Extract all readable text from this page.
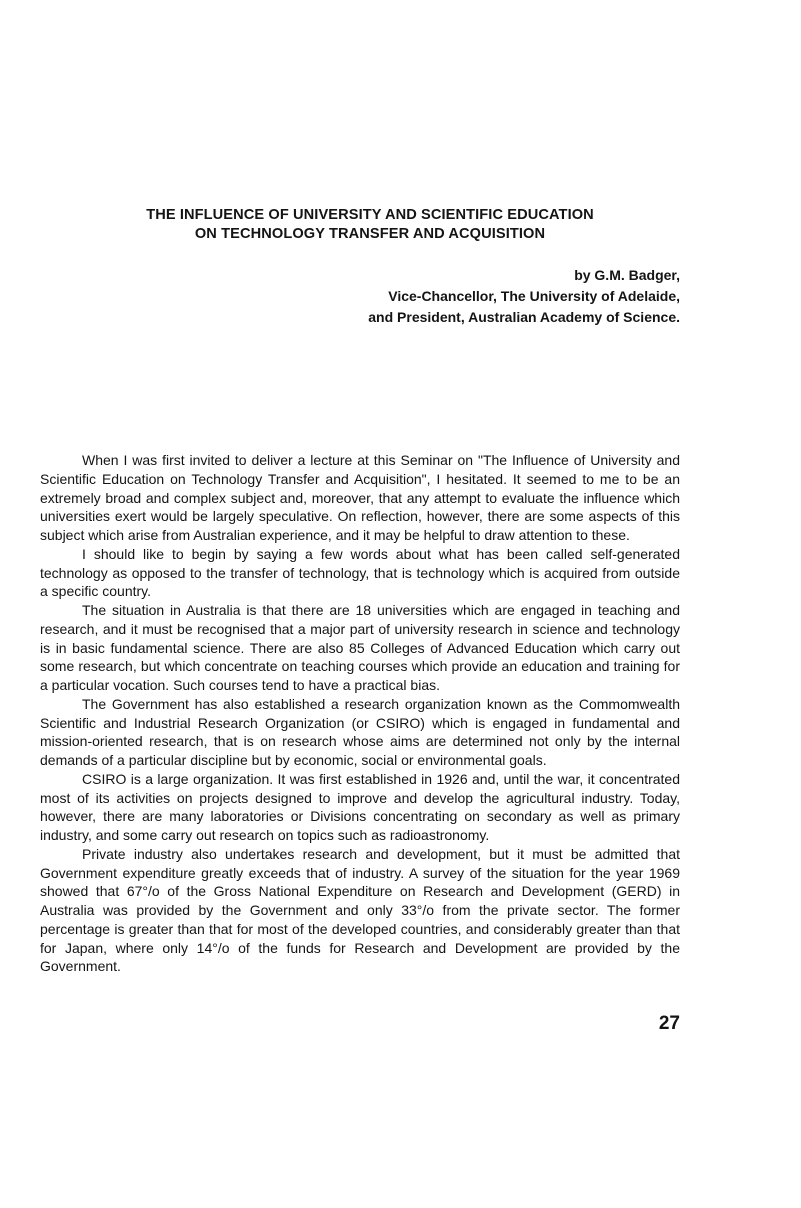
THE INFLUENCE OF UNIVERSITY AND SCIENTIFIC EDUCATION
ON TECHNOLOGY TRANSFER AND ACQUISITION
by G.M. Badger,
Vice-Chancellor, The University of Adelaide,
and President, Australian Academy of Science.

When I was first invited to deliver a lecture at this Seminar on "The Influence of University and Scientific Education on Technology Transfer and Acquisition", I hesitated. It seemed to me to be an extremely broad and complex subject and, moreover, that any attempt to evaluate the influence which universities exert would be largely speculative. On reflection, however, there are some aspects of this subject which arise from Australian experience, and it may be helpful to draw attention to these.

I should like to begin by saying a few words about what has been called self-generated technology as opposed to the transfer of technology, that is technology which is acquired from outside a specific country.

The situation in Australia is that there are 18 universities which are engaged in teaching and research, and it must be recognised that a major part of university research in science and technology is in basic fundamental science. There are also 85 Colleges of Advanced Education which carry out some research, but which concentrate on teaching courses which provide an education and training for a particular vocation. Such courses tend to have a practical bias.

The Government has also established a research organization known as the Commomwealth Scientific and Industrial Research Organization (or CSIRO) which is engaged in fundamental and mission-oriented research, that is on research whose aims are determined not only by the internal demands of a particular discipline but by economic, social or environmental goals.

CSIRO is a large organization. It was first established in 1926 and, until the war, it concentrated most of its activities on projects designed to improve and develop the agricultural industry. Today, however, there are many laboratories or Divisions concentrating on secondary as well as primary industry, and some carry out research on topics such as radioastronomy.

Private industry also undertakes research and development, but it must be admitted that Government expenditure greatly exceeds that of industry. A survey of the situation for the year 1969 showed that 67°/o of the Gross National Expenditure on Research and Development (GERD) in Australia was provided by the Government and only 33°/o from the private sector. The former percentage is greater than that for most of the developed countries, and considerably greater than that for Japan, where only 14°/o of the funds for Research and Development are provided by the Government.

27
